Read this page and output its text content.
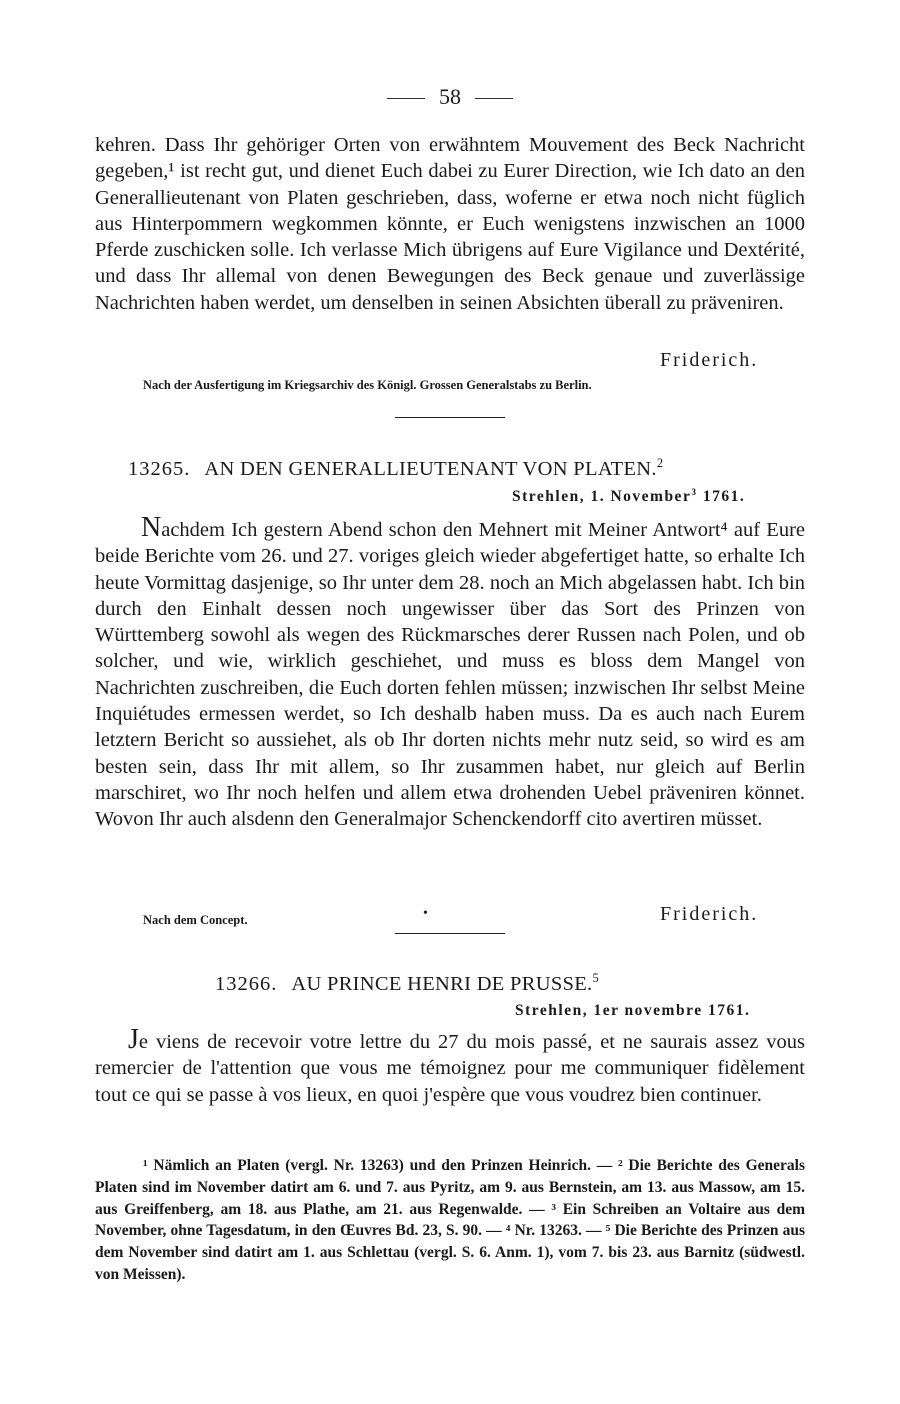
58
kehren. Dass Ihr gehöriger Orten von erwähntem Mouvement des Beck Nachricht gegeben,¹ ist recht gut, und dienet Euch dabei zu Eurer Direction, wie Ich dato an den Generallieutenant von Platen geschrieben, dass, woferne er etwa noch nicht füglich aus Hinterpommern wegkommen könnte, er Euch wenigstens inzwischen an 1000 Pferde zuschicken solle. Ich verlasse Mich übrigens auf Eure Vigilance und Dextérité, und dass Ihr allemal von denen Bewegungen des Beck genaue und zuverlässige Nachrichten haben werdet, um denselben in seinen Absichten überall zu präveniren.
Friderich.
Nach der Ausfertigung im Kriegsarchiv des Königl. Grossen Generalstabs zu Berlin.
13265. AN DEN GENERALLIEUTENANT VON PLATEN.$^2$
Strehlen, 1. November$^3$ 1761.
Nachdem Ich gestern Abend schon den Mehnert mit Meiner Antwort⁴ auf Eure beide Berichte vom 26. und 27. voriges gleich wieder abgefertiget hatte, so erhalte Ich heute Vormittag dasjenige, so Ihr unter dem 28. noch an Mich abgelassen habt. Ich bin durch den Einhalt dessen noch ungewisser über das Sort des Prinzen von Württemberg sowohl als wegen des Rückmarsches derer Russen nach Polen, und ob solcher, und wie, wirklich geschiehet, und muss es bloss dem Mangel von Nachrichten zuschreiben, die Euch dorten fehlen müssen; inzwischen Ihr selbst Meine Inquiétudes ermessen werdet, so Ich deshalb haben muss. Da es auch nach Eurem letztern Bericht so aussiehet, als ob Ihr dorten nichts mehr nutz seid, so wird es am besten sein, dass Ihr mit allem, so Ihr zusammen habet, nur gleich auf Berlin marschiret, wo Ihr noch helfen und allem etwa drohenden Uebel präveniren könnet. Wovon Ihr auch alsdenn den Generalmajor Schenckendorff cito avertiren müsset.
Nach dem Concept.	•	Friderich.
13266. AU PRINCE HENRI DE PRUSSE.$^5$
Strehlen, 1er novembre 1761.
Je viens de recevoir votre lettre du 27 du mois passé, et ne saurais assez vous remercier de l'attention que vous me témoignez pour me communiquer fidèlement tout ce qui se passe à vos lieux, en quoi j'espère que vous voudrez bien continuer.
¹ Nämlich an Platen (vergl. Nr. 13263) und den Prinzen Heinrich. — ² Die Berichte des Generals Platen sind im November datirt am 6. und 7. aus Pyritz, am 9. aus Bernstein, am 13. aus Massow, am 15. aus Greiffenberg, am 18. aus Plathe, am 21. aus Regenwalde. — ³ Ein Schreiben an Voltaire aus dem November, ohne Tagesdatum, in den Œuvres Bd. 23, S. 90. — ⁴ Nr. 13263. — ⁵ Die Berichte des Prinzen aus dem November sind datirt am 1. aus Schlettau (vergl. S. 6. Anm. 1), vom 7. bis 23. aus Barnitz (südwestl. von Meissen).
